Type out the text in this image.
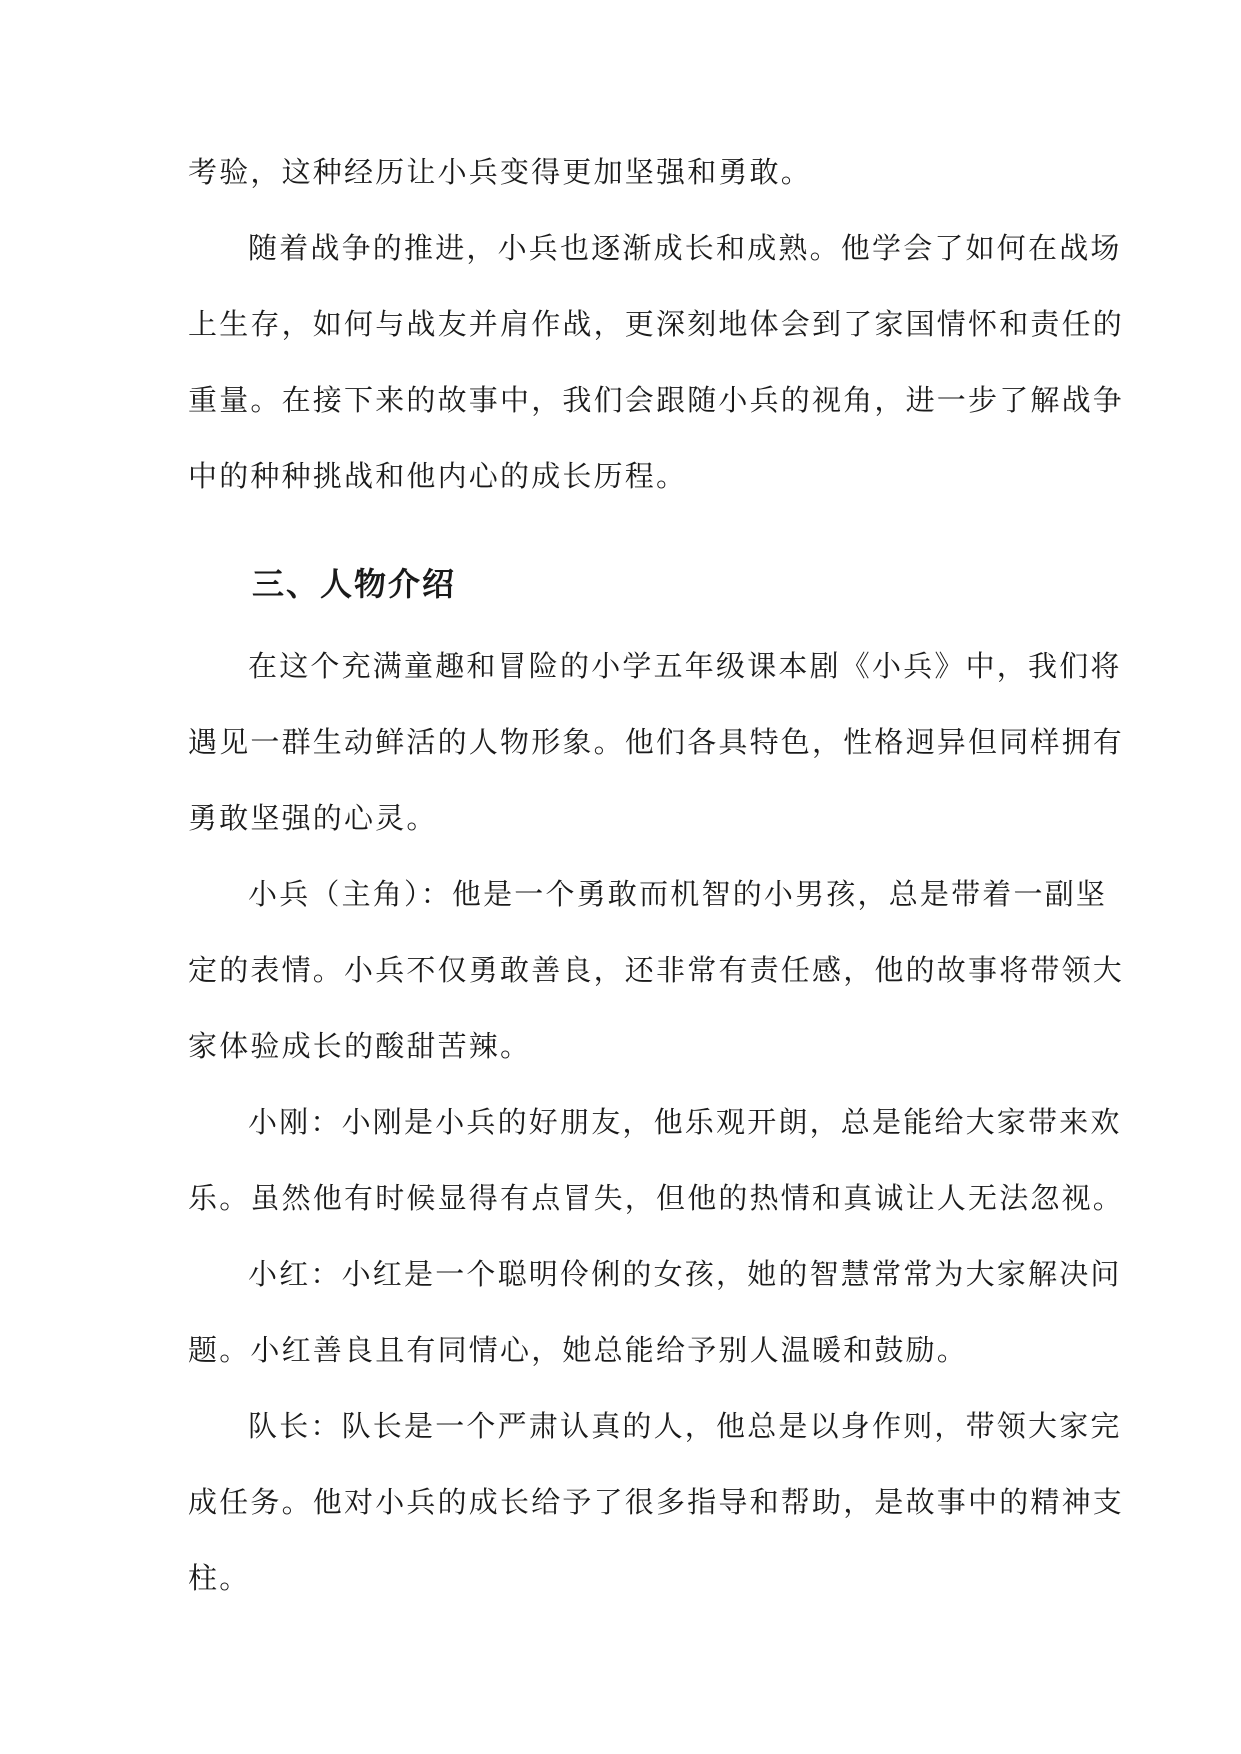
考验，这种经历让小兵变得更加坚强和勇敢。
随着战争的推进，小兵也逐渐成长和成熟。他学会了如何在战场
上生存，如何与战友并肩作战，更深刻地体会到了家国情怀和责任的
重量。在接下来的故事中，我们会跟随小兵的视角，进一步了解战争
中的种种挑战和他内心的成长历程。
三、人物介绍
在这个充满童趣和冒险的小学五年级课本剧《小兵》中，我们将
遇见一群生动鲜活的人物形象。他们各具特色，性格迥异但同样拥有
勇敢坚强的心灵。
小兵（主角）：他是一个勇敢而机智的小男孩，总是带着一副坚
定的表情。小兵不仅勇敢善良，还非常有责任感，他的故事将带领大
家体验成长的酸甜苦辣。
小刚：小刚是小兵的好朋友，他乐观开朗，总是能给大家带来欢
乐。虽然他有时候显得有点冒失，但他的热情和真诚让人无法忽视。
小红：小红是一个聪明伶俐的女孩，她的智慧常常为大家解决问
题。小红善良且有同情心，她总能给予别人温暖和鼓励。
队长：队长是一个严肃认真的人，他总是以身作则，带领大家完
成任务。他对小兵的成长给予了很多指导和帮助，是故事中的精神支
柱。
